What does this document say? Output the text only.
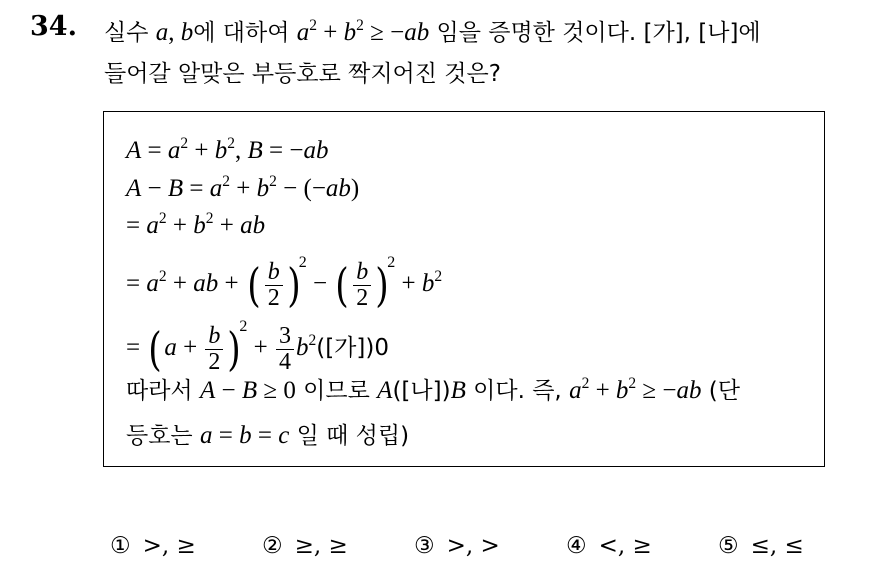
34. 실수 a, b에 대하여 $a^2 + b^2 \ge -ab$ 임을 증명한 것이다. [가], [나]에
들어갈 알맞은 부등호로 짝지어진 것은?
$A = a^2 + b^2$, B = −ab
$A - B = a^2 + b^2 - (-ab)$
= $a^2 + b^2$ + ab
= $a^2$ + ab + ( $\frac{b}{2} )2$ − ( $\frac{b}{2} )2 + b^2$
= $(a + \frac{b}{2} )2 + \frac{3}{4} b^2$([가])0
따라서 A − B ≥ 0 이므로 A([나])B 이다. 즉, $a^2 + b^2 \ge -ab$ (단
등호는 a = b = c 일 때 성립)
① >, ≥	② ≥, ≥	③ >, >	④ <, ≥	⑤ ≤, ≤
